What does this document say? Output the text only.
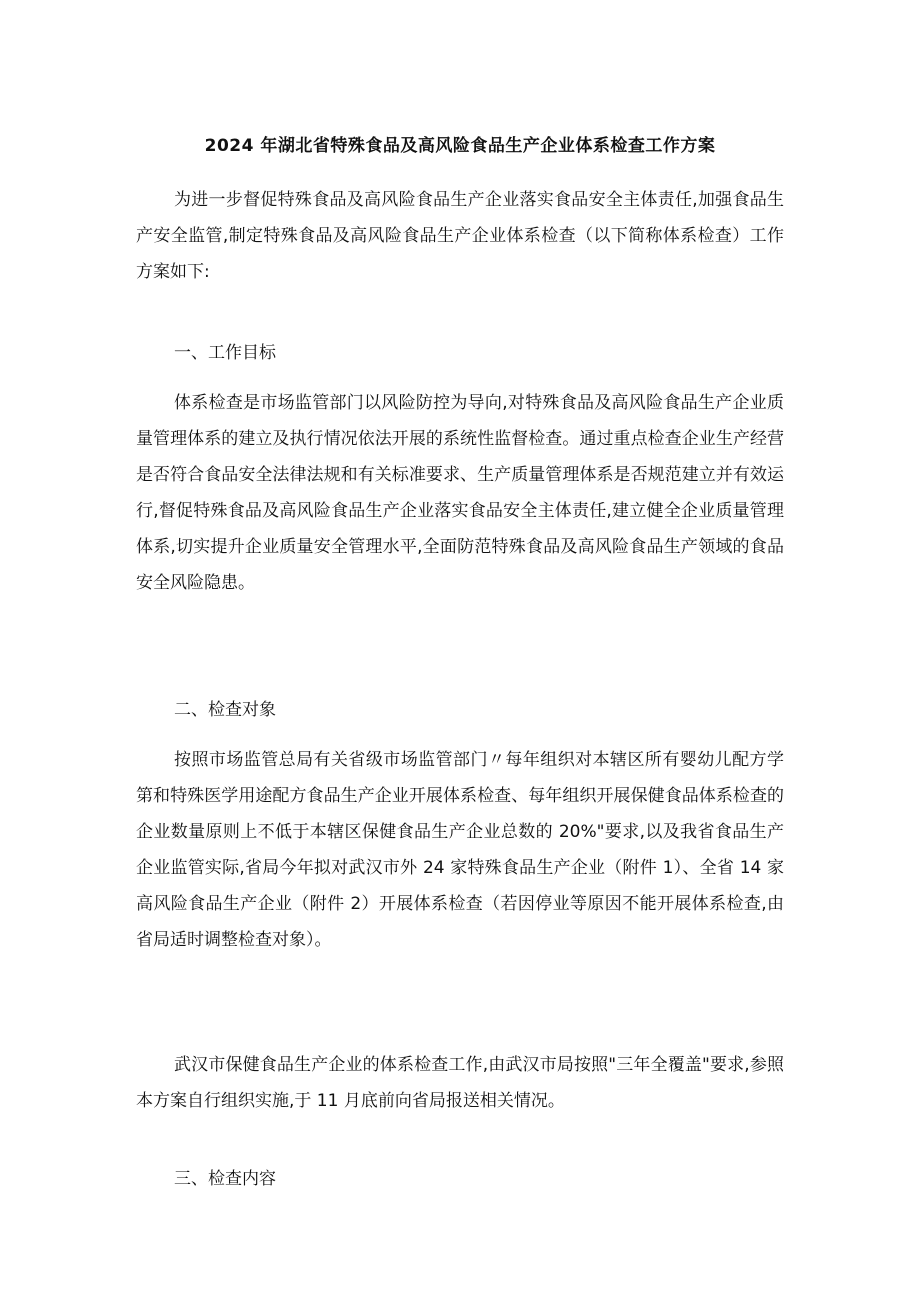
2024 年湖北省特殊食品及高风险食品生产企业体系检查工作方案
为进一步督促特殊食品及高风险食品生产企业落实食品安全主体责任,加强食品生产安全监管,制定特殊食品及高风险食品生产企业体系检查（以下简称体系检查）工作方案如下:
一、工作目标
体系检查是市场监管部门以风险防控为导向,对特殊食品及高风险食品生产企业质量管理体系的建立及执行情况依法开展的系统性监督检查。通过重点检查企业生产经营是否符合食品安全法律法规和有关标准要求、生产质量管理体系是否规范建立并有效运行,督促特殊食品及高风险食品生产企业落实食品安全主体责任,建立健全企业质量管理体系,切实提升企业质量安全管理水平,全面防范特殊食品及高风险食品生产领域的食品安全风险隐患。
二、检查对象
按照市场监管总局有关省级市场监管部门〃每年组织对本辖区所有婴幼儿配方学第和特殊医学用途配方食品生产企业开展体系检查、每年组织开展保健食品体系检查的企业数量原则上不低于本辖区保健食品生产企业总数的 20%"要求,以及我省食品生产企业监管实际,省局今年拟对武汉市外 24 家特殊食品生产企业（附件 1）、全省 14 家高风险食品生产企业（附件 2）开展体系检查（若因停业等原因不能开展体系检查,由省局适时调整检查对象）。
武汉市保健食品生产企业的体系检查工作,由武汉市局按照"三年全覆盖"要求,参照本方案自行组织实施,于 11 月底前向省局报送相关情况。
三、检查内容
